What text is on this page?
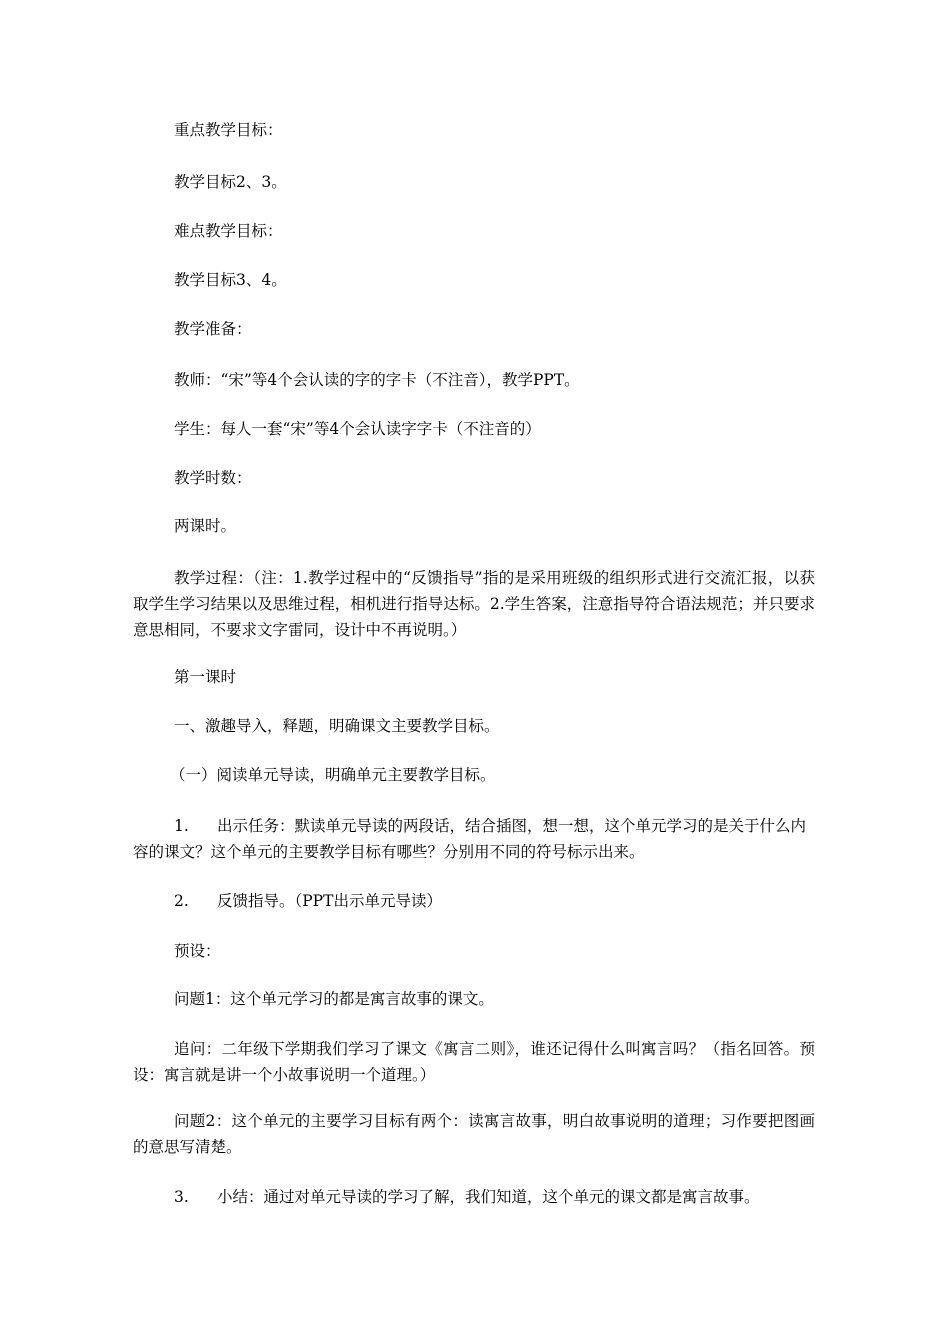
重点教学目标：

教学目标2、3。

难点教学目标：

教学目标3、4。

教学准备：

教师：“宋”等4个会认读的字的字卡（不注音），教学PPT。

学生：每人一套“宋”等4个会认读字字卡（不注音的）

教学时数：

两课时。

教学过程：（注：1.教学过程中的“反馈指导”指的是采用班级的组织形式进行交流汇报，以获取学生学习结果以及思维过程，相机进行指导达标。2.学生答案，注意指导符合语法规范；并只要求意思相同，不要求文字雷同，设计中不再说明。）

第一课时

一、激趣导入，释题，明确课文主要教学目标。

（一）阅读单元导读，明确单元主要教学目标。

1. 出示任务：默读单元导读的两段话，结合插图，想一想，这个单元学习的是关于什么内容的课文？这个单元的主要教学目标有哪些？分别用不同的符号标示出来。

2. 反馈指导。（PPT出示单元导读）

预设：

问题1：这个单元学习的都是寓言故事的课文。

追问：二年级下学期我们学习了课文《寓言二则》，谁还记得什么叫寓言吗？（指名回答。预设：寓言就是讲一个小故事说明一个道理。）

问题2：这个单元的主要学习目标有两个：读寓言故事，明白故事说明的道理；习作要把图画的意思写清楚。

3. 小结：通过对单元导读的学习了解，我们知道，这个单元的课文都是寓言故事。
